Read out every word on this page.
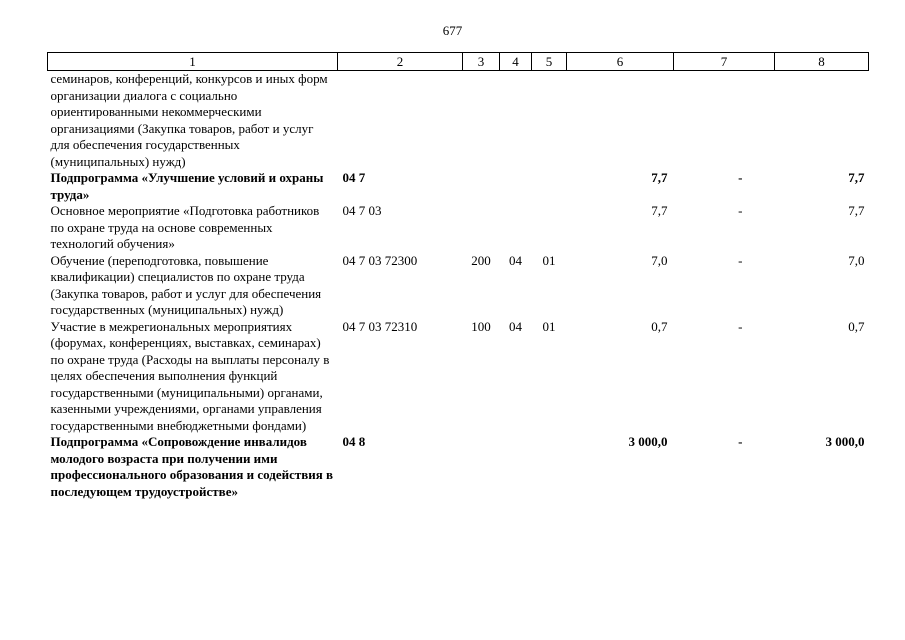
677
1	2	3	4	5	6	7	8
семинаров, конференций, конкурсов и иных форм организации диалога с социально ориентированными некоммерческими организациями (Закупка товаров, работ и услуг для обеспечения государственных (муниципальных) нужд)							
Подпрограмма «Улучшение условий и охраны труда»	04 7				7,7	-	7,7
Основное мероприятие «Подготовка работников по охране труда на основе современных технологий обучения»	04 7 03				7,7	-	7,7
Обучение (переподготовка, повышение квалификации) специалистов по охране труда (Закупка товаров, работ и услуг для обеспечения государственных (муниципальных) нужд)	04 7 03 72300	200	04	01	7,0	-	7,0
Участие в межрегиональных мероприятиях (форумах, конференциях, выставках, семинарах) по охране труда (Расходы на выплаты персоналу в целях обеспечения выполнения функций государственными (муниципальными) органами, казенными учреждениями, органами управления государственными внебюджетными фондами)	04 7 03 72310	100	04	01	0,7	-	0,7
Подпрограмма «Сопровождение инвалидов молодого возраста при получении ими профессионального образования и содействия в последующем трудоустройстве»	04 8				3 000,0	-	3 000,0
